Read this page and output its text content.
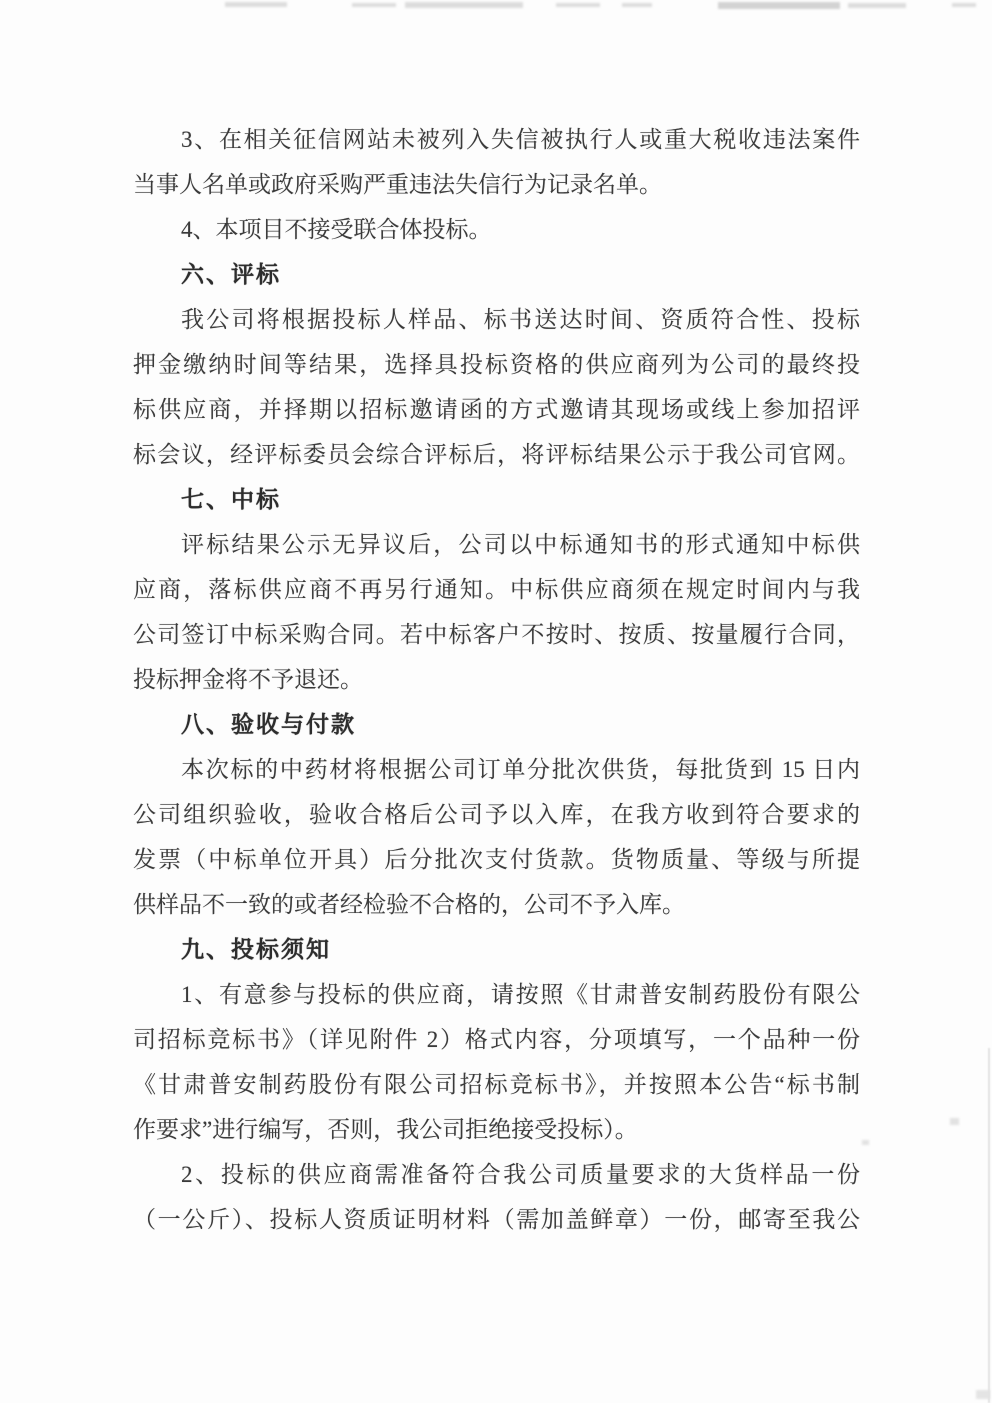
3、在相关征信网站未被列入失信被执行人或重大税收违法案件
当事人名单或政府采购严重违法失信行为记录名单。
4、本项目不接受联合体投标。
六、评标
我公司将根据投标人样品、标书送达时间、资质符合性、投标
押金缴纳时间等结果，选择具投标资格的供应商列为公司的最终投
标供应商，并择期以招标邀请函的方式邀请其现场或线上参加招评
标会议，经评标委员会综合评标后，将评标结果公示于我公司官网。
七、中标
评标结果公示无异议后，公司以中标通知书的形式通知中标供
应商，落标供应商不再另行通知。中标供应商须在规定时间内与我
公司签订中标采购合同。若中标客户不按时、按质、按量履行合同，
投标押金将不予退还。
八、验收与付款
本次标的中药材将根据公司订单分批次供货，每批货到 15 日内
公司组织验收，验收合格后公司予以入库，在我方收到符合要求的
发票（中标单位开具）后分批次支付货款。货物质量、等级与所提
供样品不一致的或者经检验不合格的，公司不予入库。
九、投标须知
1、有意参与投标的供应商，请按照《甘肃普安制药股份有限公
司招标竞标书》（详见附件 2）格式内容，分项填写，一个品种一份
《甘肃普安制药股份有限公司招标竞标书》，并按照本公告“标书制
作要求”进行编写，否则，我公司拒绝接受投标）。
2、投标的供应商需准备符合我公司质量要求的大货样品一份
（一公斤）、投标人资质证明材料（需加盖鲜章）一份，邮寄至我公
